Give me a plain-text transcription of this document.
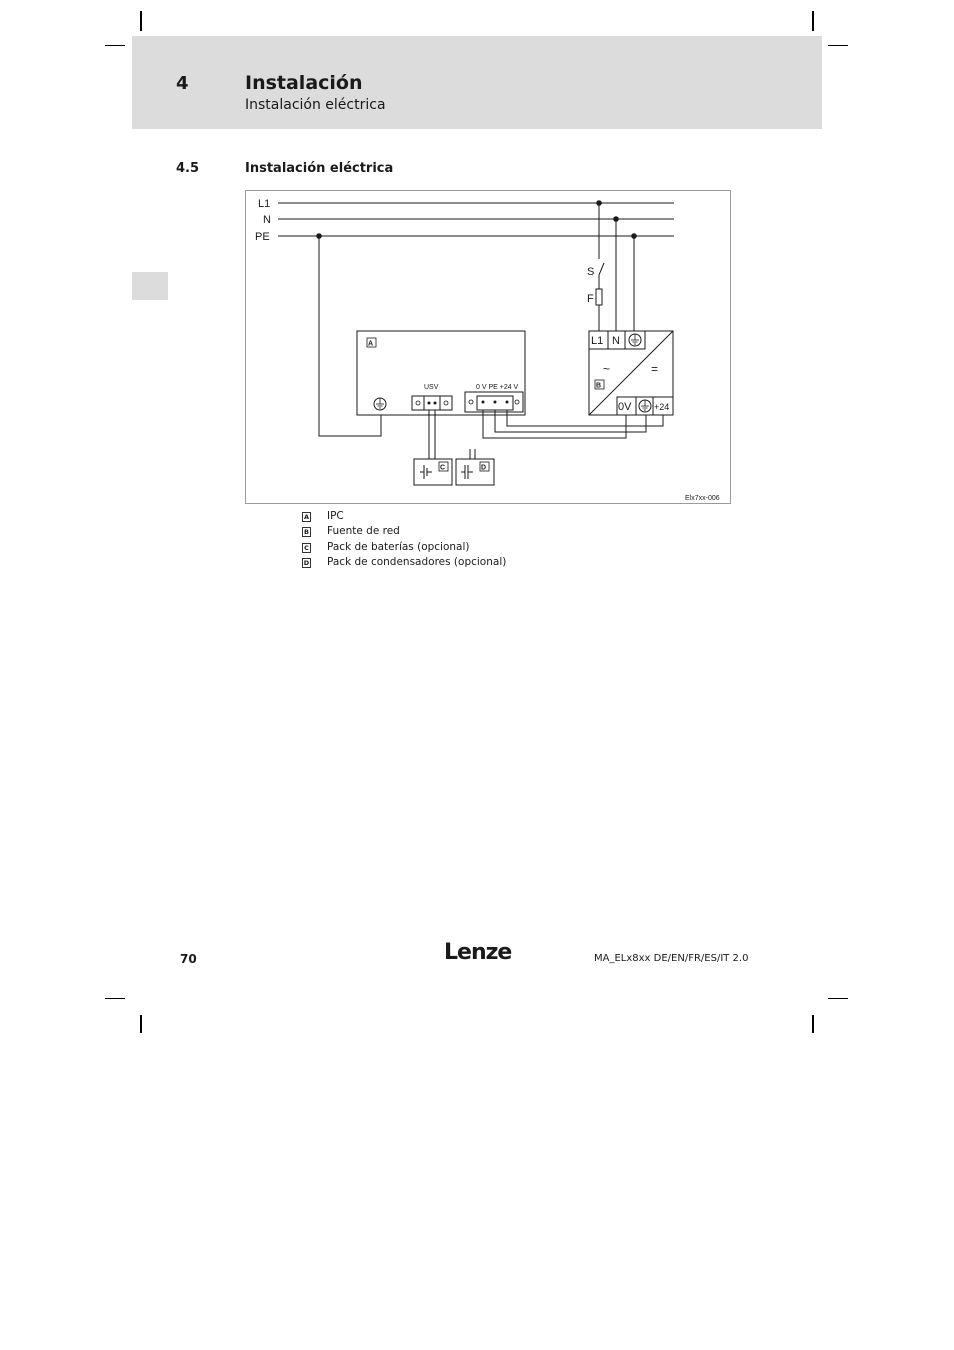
4	Instalación
Instalación eléctrica
4.5	Instalación eléctrica
L1
N
PE
S
F
A
USV	0 V PE +24 V
C	D
L1 N
~	=
B
0V	+24
Elx7xx-006
A IPC
B Fuente de red
C Pack de baterías (opcional)
D Pack de condensadores (opcional)
70	Lenze	MA_ELx8xx DE/EN/FR/ES/IT 2.0
